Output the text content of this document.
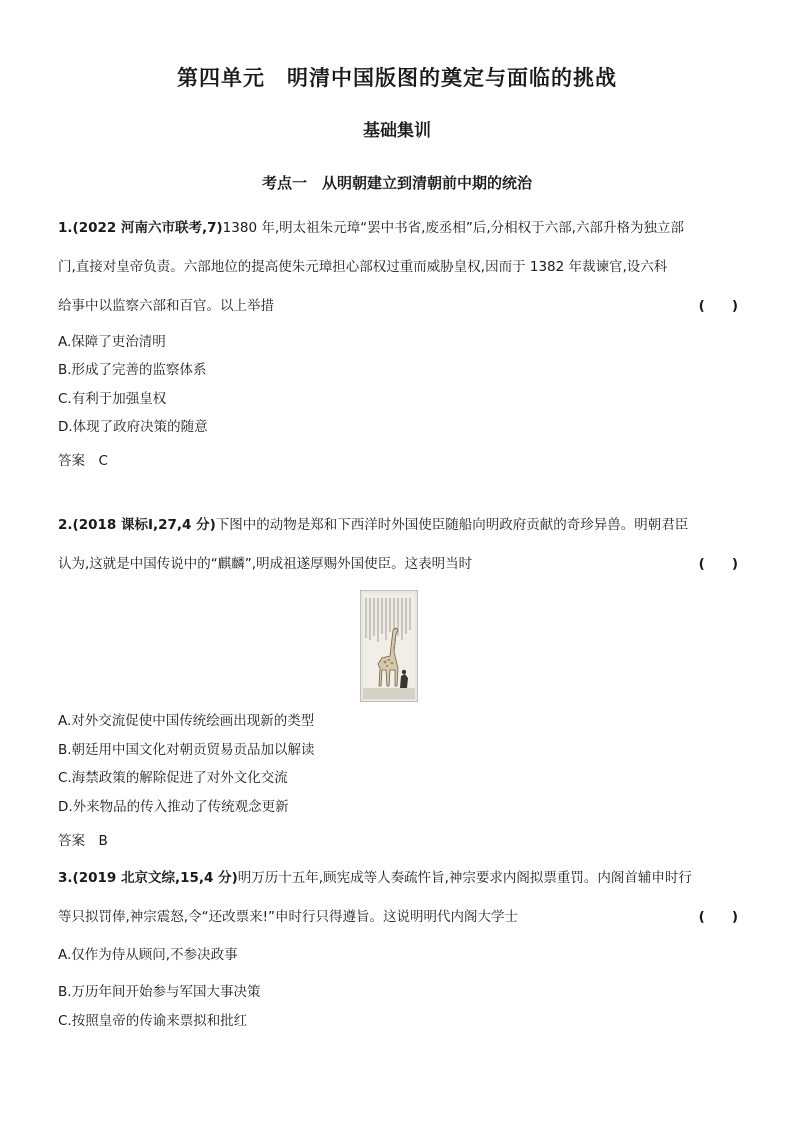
第四单元　明清中国版图的奠定与面临的挑战
基础集训
考点一　从明朝建立到清朝前中期的统治
1.(2022 河南六市联考,7)1380 年,明太祖朱元璋“罢中书省,废丞相”后,分相权于六部,六部升格为独立部
门,直接对皇帝负责。六部地位的提高使朱元璋担心部权过重而威胁皇权,因而于 1382 年裁谏官,设六科
给事中以监察六部和百官。以上举措	(　　)
A.保障了吏治清明
B.形成了完善的监察体系
C.有利于加强皇权
D.体现了政府决策的随意
答案　C
2.(2018 课标Ⅰ,27,4 分)下图中的动物是郑和下西洋时外国使臣随船向明政府贡献的奇珍异兽。明朝君臣
认为,这就是中国传说中的“麒麟”,明成祖遂厚赐外国使臣。这表明当时	(　　)
A.对外交流促使中国传统绘画出现新的类型
B.朝廷用中国文化对朝贡贸易贡品加以解读
C.海禁政策的解除促进了对外文化交流
D.外来物品的传入推动了传统观念更新
答案　B
3.(2019 北京文综,15,4 分)明万历十五年,顾宪成等人奏疏忤旨,神宗要求内阁拟票重罚。内阁首辅申时行
等只拟罚俸,神宗震怒,令“还改票来!”申时行只得遵旨。这说明明代内阁大学士	(　　)
A.仅作为侍从顾问,不参决政事
B.万历年间开始参与军国大事决策
C.按照皇帝的传谕来票拟和批红
